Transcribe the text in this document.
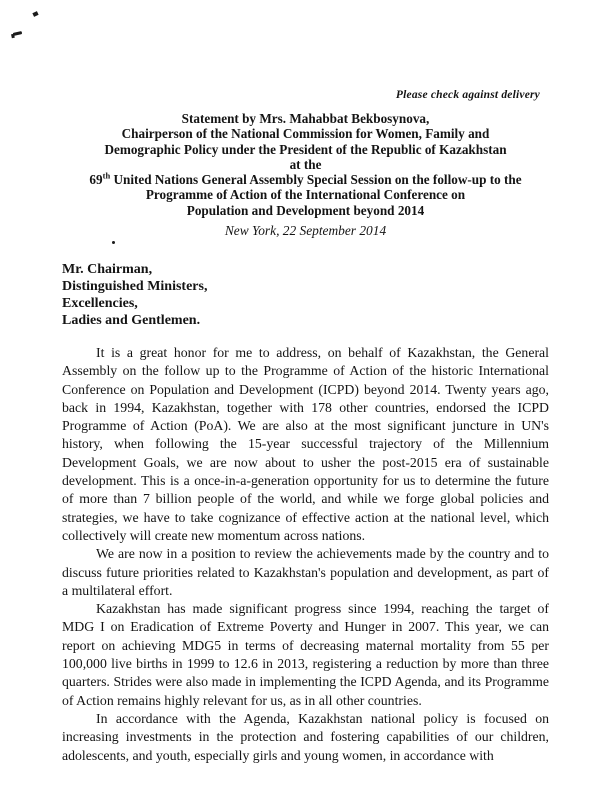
Please check against delivery
Statement by Mrs. Mahabbat Bekbosynova,
Chairperson of the National Commission for Women, Family and
Demographic Policy under the President of the Republic of Kazakhstan
at the
69th United Nations General Assembly Special Session on the follow-up to the
Programme of Action of the International Conference on
Population and Development beyond 2014
New York, 22 September 2014
Mr. Chairman,
Distinguished Ministers,
Excellencies,
Ladies and Gentlemen.

It is a great honor for me to address, on behalf of Kazakhstan, the General Assembly on the follow up to the Programme of Action of the historic International Conference on Population and Development (ICPD) beyond 2014. Twenty years ago, back in 1994, Kazakhstan, together with 178 other countries, endorsed the ICPD Programme of Action (PoA). We are also at the most significant juncture in UN's history, when following the 15-year successful trajectory of the Millennium Development Goals, we are now about to usher the post-2015 era of sustainable development. This is a once-in-a-generation opportunity for us to determine the future of more than 7 billion people of the world, and while we forge global policies and strategies, we have to take cognizance of effective action at the national level, which collectively will create new momentum across nations.

We are now in a position to review the achievements made by the country and to discuss future priorities related to Kazakhstan's population and development, as part of a multilateral effort.

Kazakhstan has made significant progress since 1994, reaching the target of MDG I on Eradication of Extreme Poverty and Hunger in 2007. This year, we can report on achieving MDG5 in terms of decreasing maternal mortality from 55 per 100,000 live births in 1999 to 12.6 in 2013, registering a reduction by more than three quarters. Strides were also made in implementing the ICPD Agenda, and its Programme of Action remains highly relevant for us, as in all other countries.

In accordance with the Agenda, Kazakhstan national policy is focused on increasing investments in the protection and fostering capabilities of our children, adolescents, and youth, especially girls and young women, in accordance with
